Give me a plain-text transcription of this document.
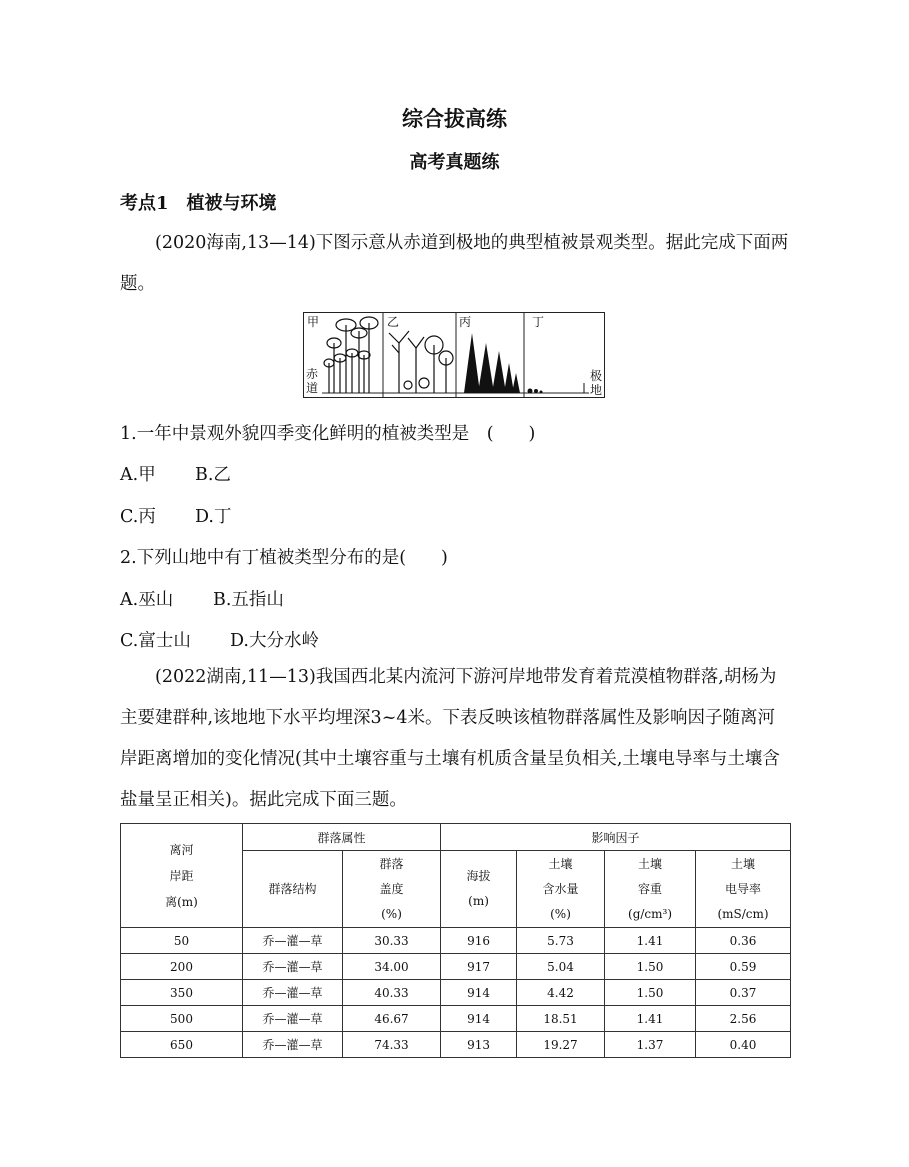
综合拔高练
高考真题练
考点1　植被与环境
(2020海南,13—14)下图示意从赤道到极地的典型植被景观类型。据此完成下面两题。
甲	乙	丙	丁
赤
道
极
地
1.一年中景观外貌四季变化鲜明的植被类型是　(　　)
A.甲 B.乙
C.丙 D.丁
2.下列山地中有丁植被类型分布的是(　　)
A.巫山 B.五指山
C.富士山 D.大分水岭
(2022湖南,11—13)我国西北某内流河下游河岸地带发育着荒漠植物群落,胡杨为主要建群种,该地地下水平均埋深3~4米。下表反映该植物群落属性及影响因子随离河岸距离增加的变化情况(其中土壤容重与土壤有机质含量呈负相关,土壤电导率与土壤含盐量呈正相关)。据此完成下面三题。
离河
岸距
离(m)	群落属性		影响因子			
	群落结构	群落
盖度
(%)	海拔
(m)	土壤
含水量
(%)	土壤
容重
(g/cm³)	土壤
电导率
(mS/cm)
50	乔—灌—草	30.33	916	5.73	1.41	0.36
200	乔—灌—草	34.00	917	5.04	1.50	0.59
350	乔—灌—草	40.33	914	4.42	1.50	0.37
500	乔—灌—草	46.67	914	18.51	1.41	2.56
650	乔—灌—草	74.33	913	19.27	1.37	0.40
